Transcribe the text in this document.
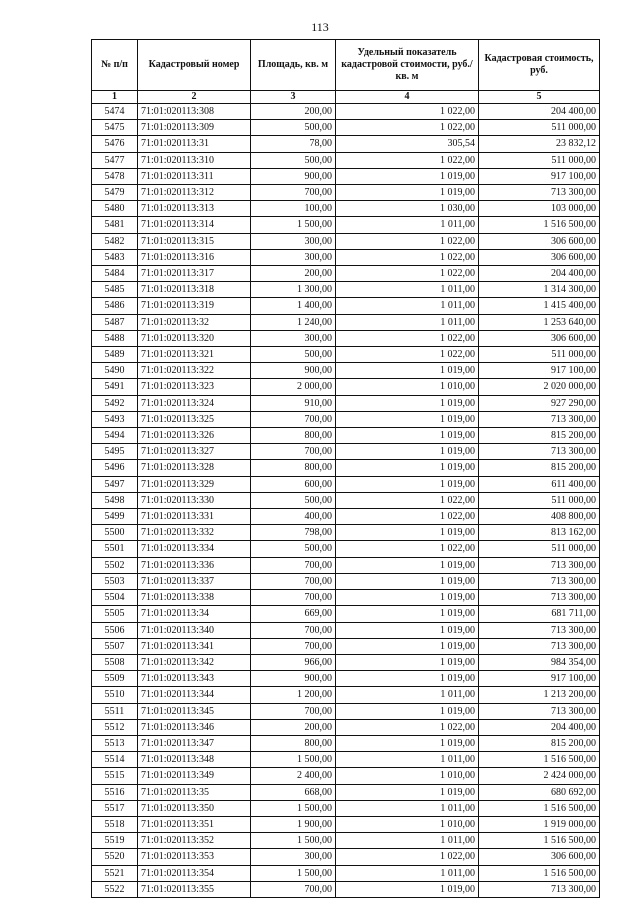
113
№ п/п	Кадастровый номер	Площадь, кв. м	Удельный показатель кадастровой стоимости, руб./кв. м	Кадастровая стоимость, руб.
1	2	3	4	5
5474	71:01:020113:308	200,00	1 022,00	204 400,00
5475	71:01:020113:309	500,00	1 022,00	511 000,00
5476	71:01:020113:31	78,00	305,54	23 832,12
5477	71:01:020113:310	500,00	1 022,00	511 000,00
5478	71:01:020113:311	900,00	1 019,00	917 100,00
5479	71:01:020113:312	700,00	1 019,00	713 300,00
5480	71:01:020113:313	100,00	1 030,00	103 000,00
5481	71:01:020113:314	1 500,00	1 011,00	1 516 500,00
5482	71:01:020113:315	300,00	1 022,00	306 600,00
5483	71:01:020113:316	300,00	1 022,00	306 600,00
5484	71:01:020113:317	200,00	1 022,00	204 400,00
5485	71:01:020113:318	1 300,00	1 011,00	1 314 300,00
5486	71:01:020113:319	1 400,00	1 011,00	1 415 400,00
5487	71:01:020113:32	1 240,00	1 011,00	1 253 640,00
5488	71:01:020113:320	300,00	1 022,00	306 600,00
5489	71:01:020113:321	500,00	1 022,00	511 000,00
5490	71:01:020113:322	900,00	1 019,00	917 100,00
5491	71:01:020113:323	2 000,00	1 010,00	2 020 000,00
5492	71:01:020113:324	910,00	1 019,00	927 290,00
5493	71:01:020113:325	700,00	1 019,00	713 300,00
5494	71:01:020113:326	800,00	1 019,00	815 200,00
5495	71:01:020113:327	700,00	1 019,00	713 300,00
5496	71:01:020113:328	800,00	1 019,00	815 200,00
5497	71:01:020113:329	600,00	1 019,00	611 400,00
5498	71:01:020113:330	500,00	1 022,00	511 000,00
5499	71:01:020113:331	400,00	1 022,00	408 800,00
5500	71:01:020113:332	798,00	1 019,00	813 162,00
5501	71:01:020113:334	500,00	1 022,00	511 000,00
5502	71:01:020113:336	700,00	1 019,00	713 300,00
5503	71:01:020113:337	700,00	1 019,00	713 300,00
5504	71:01:020113:338	700,00	1 019,00	713 300,00
5505	71:01:020113:34	669,00	1 019,00	681 711,00
5506	71:01:020113:340	700,00	1 019,00	713 300,00
5507	71:01:020113:341	700,00	1 019,00	713 300,00
5508	71:01:020113:342	966,00	1 019,00	984 354,00
5509	71:01:020113:343	900,00	1 019,00	917 100,00
5510	71:01:020113:344	1 200,00	1 011,00	1 213 200,00
5511	71:01:020113:345	700,00	1 019,00	713 300,00
5512	71:01:020113:346	200,00	1 022,00	204 400,00
5513	71:01:020113:347	800,00	1 019,00	815 200,00
5514	71:01:020113:348	1 500,00	1 011,00	1 516 500,00
5515	71:01:020113:349	2 400,00	1 010,00	2 424 000,00
5516	71:01:020113:35	668,00	1 019,00	680 692,00
5517	71:01:020113:350	1 500,00	1 011,00	1 516 500,00
5518	71:01:020113:351	1 900,00	1 010,00	1 919 000,00
5519	71:01:020113:352	1 500,00	1 011,00	1 516 500,00
5520	71:01:020113:353	300,00	1 022,00	306 600,00
5521	71:01:020113:354	1 500,00	1 011,00	1 516 500,00
5522	71:01:020113:355	700,00	1 019,00	713 300,00
